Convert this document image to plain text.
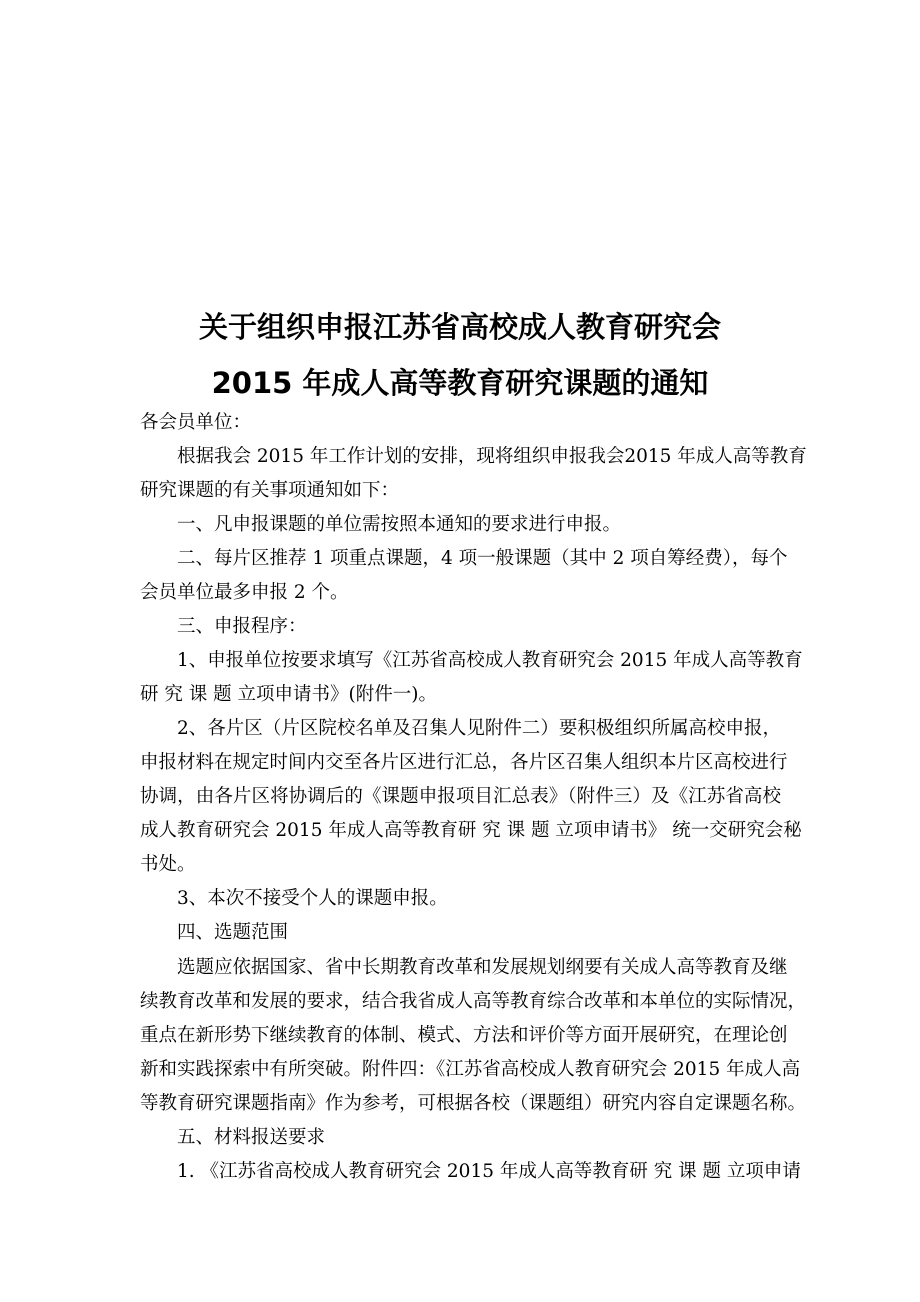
关于组织申报江苏省高校成人教育研究会
2015 年成人高等教育研究课题的通知
各会员单位：
　　根据我会 2015 年工作计划的安排，现将组织申报我会2015 年成人高等教育
研究课题的有关事项通知如下：
　　一、凡申报课题的单位需按照本通知的要求进行申报。
　　二、每片区推荐 1 项重点课题，4 项一般课题（其中 2 项自筹经费），每个
会员单位最多申报 2 个。
　　三、申报程序：
　　1、申报单位按要求填写《江苏省高校成人教育研究会 2015 年成人高等教育
研 究 课 题 立项申请书》(附件一)。
　　2、各片区（片区院校名单及召集人见附件二）要积极组织所属高校申报，
申报材料在规定时间内交至各片区进行汇总，各片区召集人组织本片区高校进行
协调，由各片区将协调后的《课题申报项目汇总表》（附件三）及《江苏省高校
成人教育研究会 2015 年成人高等教育研 究 课 题 立项申请书》 统一交研究会秘
书处。
　　3、本次不接受个人的课题申报。
　　四、选题范围
　　选题应依据国家、省中长期教育改革和发展规划纲要有关成人高等教育及继
续教育改革和发展的要求，结合我省成人高等教育综合改革和本单位的实际情况，
重点在新形势下继续教育的体制、模式、方法和评价等方面开展研究，在理论创
新和实践探索中有所突破。附件四：《江苏省高校成人教育研究会 2015 年成人高
等教育研究课题指南》作为参考，可根据各校（课题组）研究内容自定课题名称。
　　五、材料报送要求
　　1. 《江苏省高校成人教育研究会 2015 年成人高等教育研 究 课 题 立项申请
